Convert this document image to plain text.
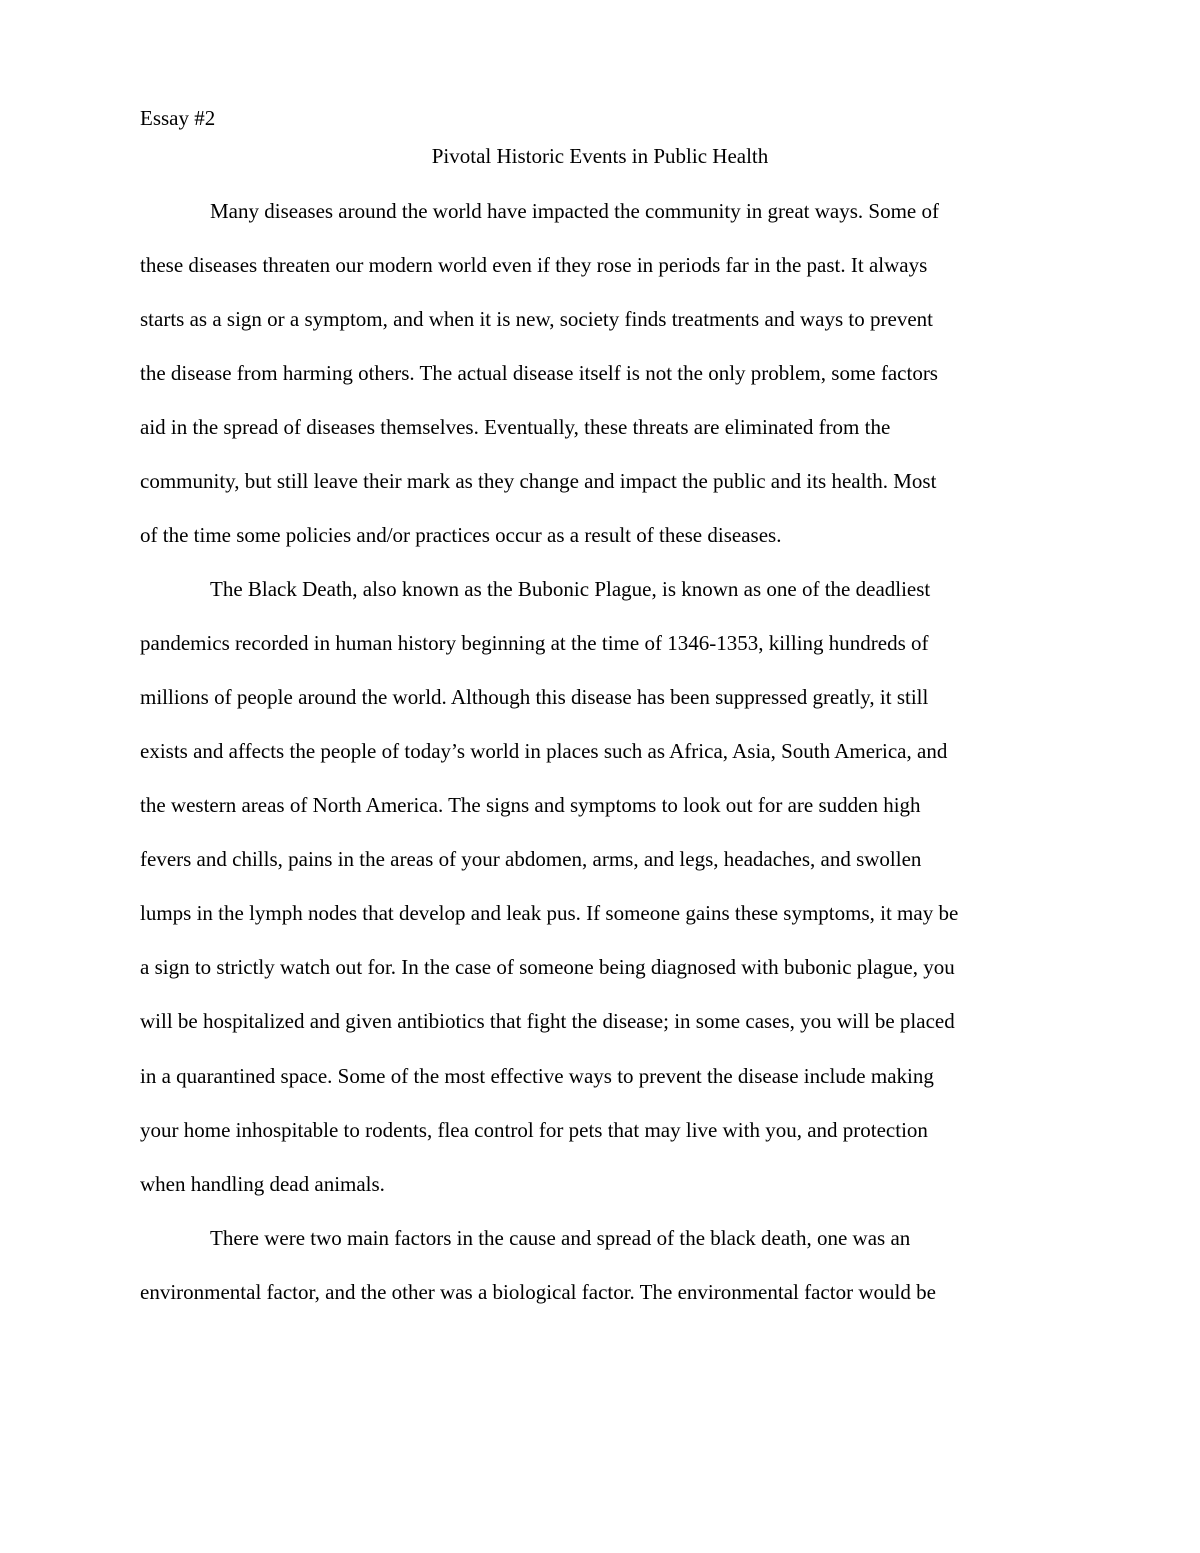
Essay #2
Pivotal Historic Events in Public Health
Many diseases around the world have impacted the community in great ways. Some of
these diseases threaten our modern world even if they rose in periods far in the past. It always
starts as a sign or a symptom, and when it is new, society finds treatments and ways to prevent
the disease from harming others. The actual disease itself is not the only problem, some factors
aid in the spread of diseases themselves. Eventually, these threats are eliminated from the
community, but still leave their mark as they change and impact the public and its health. Most
of the time some policies and/or practices occur as a result of these diseases.
The Black Death, also known as the Bubonic Plague, is known as one of the deadliest
pandemics recorded in human history beginning at the time of 1346-1353, killing hundreds of
millions of people around the world. Although this disease has been suppressed greatly, it still
exists and affects the people of today’s world in places such as Africa, Asia, South America, and
the western areas of North America. The signs and symptoms to look out for are sudden high
fevers and chills, pains in the areas of your abdomen, arms, and legs, headaches, and swollen
lumps in the lymph nodes that develop and leak pus. If someone gains these symptoms, it may be
a sign to strictly watch out for. In the case of someone being diagnosed with bubonic plague, you
will be hospitalized and given antibiotics that fight the disease; in some cases, you will be placed
in a quarantined space. Some of the most effective ways to prevent the disease include making
your home inhospitable to rodents, flea control for pets that may live with you, and protection
when handling dead animals.
There were two main factors in the cause and spread of the black death, one was an
environmental factor, and the other was a biological factor. The environmental factor would be
